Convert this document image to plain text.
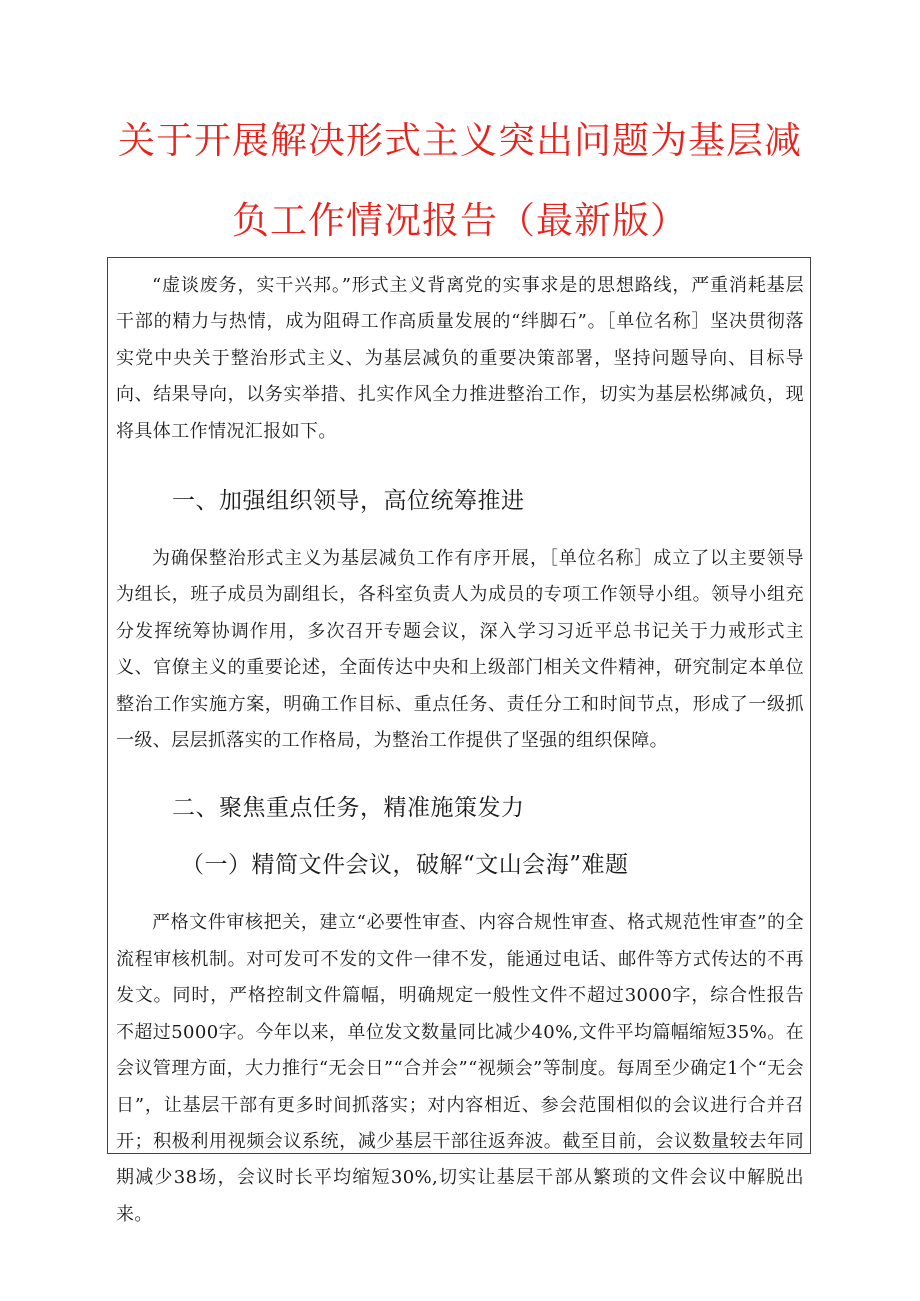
关于开展解决形式主义突出问题为基层减
负工作情况报告（最新版）

“虚谈废务，实干兴邦。”形式主义背离党的实事求是的思想路线，严重消耗基层干部的精力与热情，成为阻碍工作高质量发展的“绊脚石”。［单位名称］坚决贯彻落实党中央关于整治形式主义、为基层减负的重要决策部署，坚持问题导向、目标导向、结果导向，以务实举措、扎实作风全力推进整治工作，切实为基层松绑减负，现将具体工作情况汇报如下。

一、加强组织领导，高位统筹推进

为确保整治形式主义为基层减负工作有序开展，［单位名称］成立了以主要领导为组长，班子成员为副组长，各科室负责人为成员的专项工作领导小组。领导小组充分发挥统筹协调作用，多次召开专题会议，深入学习习近平总书记关于力戒形式主义、官僚主义的重要论述，全面传达中央和上级部门相关文件精神，研究制定本单位整治工作实施方案，明确工作目标、重点任务、责任分工和时间节点，形成了一级抓一级、层层抓落实的工作格局，为整治工作提供了坚强的组织保障。

二、聚焦重点任务，精准施策发力
（一）精简文件会议，破解“文山会海”难题

严格文件审核把关，建立“必要性审查、内容合规性审查、格式规范性审查”的全流程审核机制。对可发可不发的文件一律不发，能通过电话、邮件等方式传达的不再发文。同时，严格控制文件篇幅，明确规定一般性文件不超过3000字，综合性报告不超过5000字。今年以来，单位发文数量同比减少40%,文件平均篇幅缩短35%。在会议管理方面，大力推行“无会日”“合并会”“视频会”等制度。每周至少确定1个“无会日”，让基层干部有更多时间抓落实；对内容相近、参会范围相似的会议进行合并召开；积极利用视频会议系统，减少基层干部往返奔波。截至目前，会议数量较去年同期减少38场，会议时长平均缩短30%,切实让基层干部从繁琐的文件会议中解脱出来。
